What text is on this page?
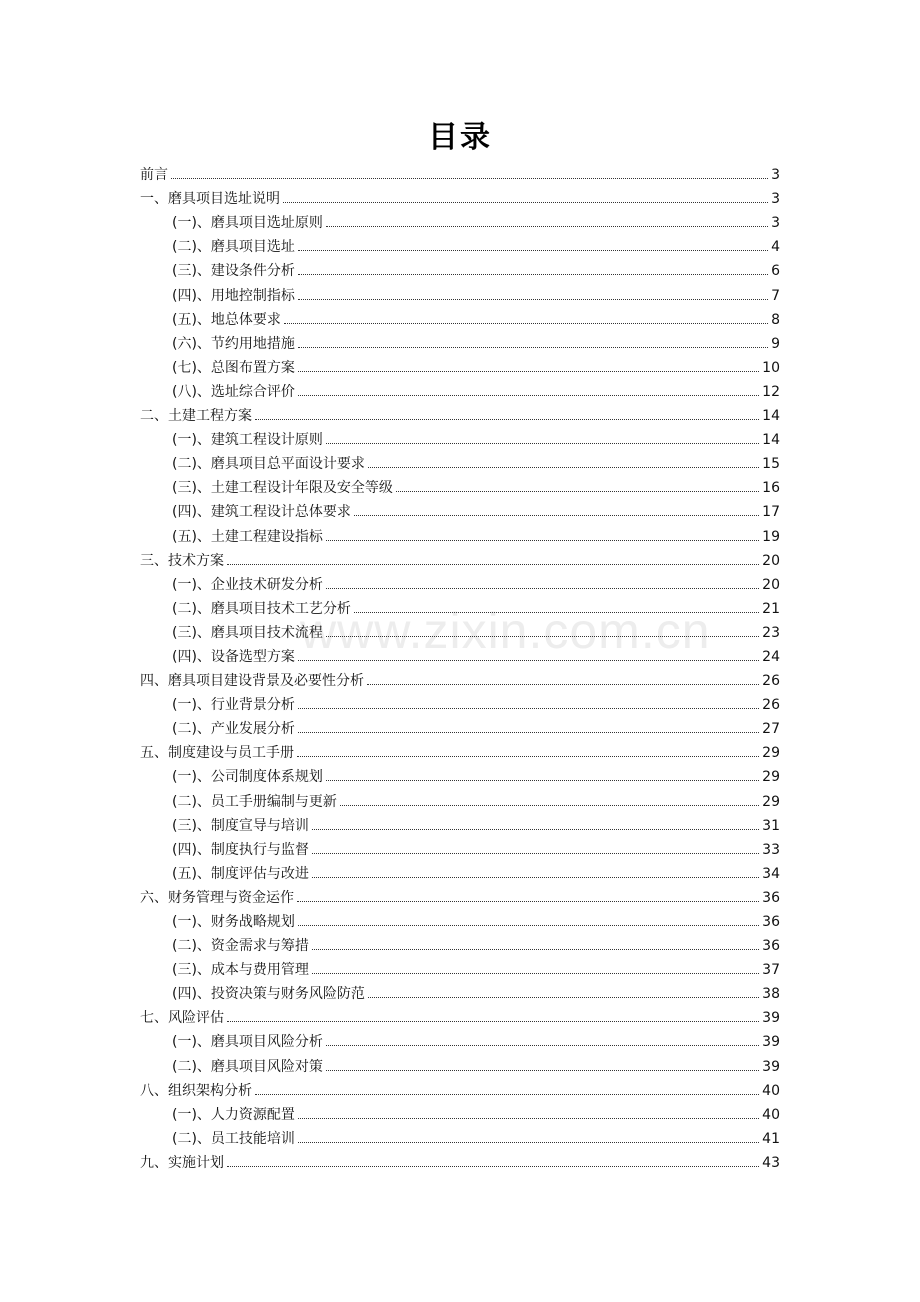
目录
www.zixin.com.cn
前言	3
一、磨具项目选址说明	3
(一)、磨具项目选址原则	3
(二)、磨具项目选址	4
(三)、建设条件分析	6
(四)、用地控制指标	7
(五)、地总体要求	8
(六)、节约用地措施	9
(七)、总图布置方案	10
(八)、选址综合评价	12
二、土建工程方案	14
(一)、建筑工程设计原则	14
(二)、磨具项目总平面设计要求	15
(三)、土建工程设计年限及安全等级	16
(四)、建筑工程设计总体要求	17
(五)、土建工程建设指标	19
三、技术方案	20
(一)、企业技术研发分析	20
(二)、磨具项目技术工艺分析	21
(三)、磨具项目技术流程	23
(四)、设备选型方案	24
四、磨具项目建设背景及必要性分析	26
(一)、行业背景分析	26
(二)、产业发展分析	27
五、制度建设与员工手册	29
(一)、公司制度体系规划	29
(二)、员工手册编制与更新	29
(三)、制度宣导与培训	31
(四)、制度执行与监督	33
(五)、制度评估与改进	34
六、财务管理与资金运作	36
(一)、财务战略规划	36
(二)、资金需求与筹措	36
(三)、成本与费用管理	37
(四)、投资决策与财务风险防范	38
七、风险评估	39
(一)、磨具项目风险分析	39
(二)、磨具项目风险对策	39
八、组织架构分析	40
(一)、人力资源配置	40
(二)、员工技能培训	41
九、实施计划	43
